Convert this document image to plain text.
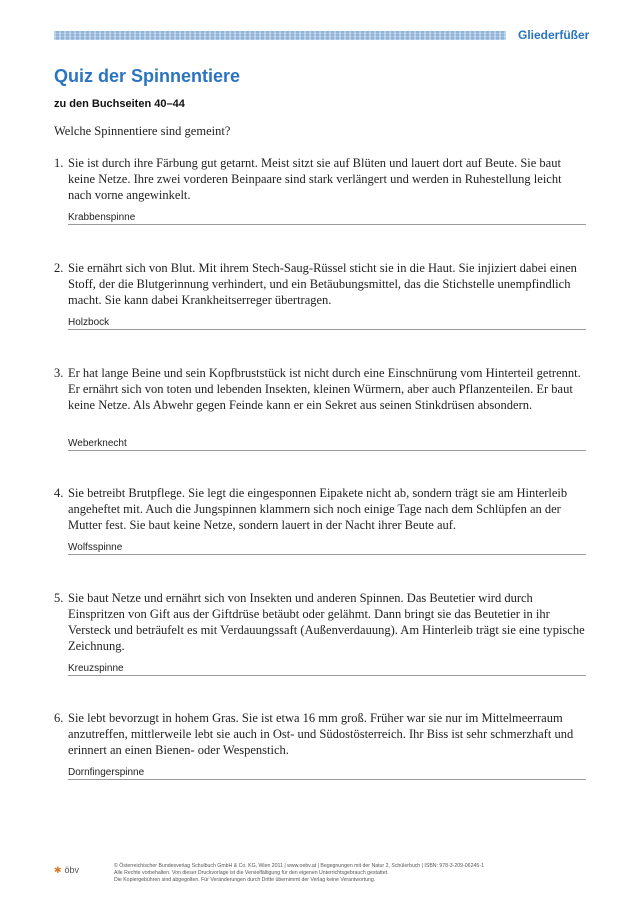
Gliederfüßer
Quiz der Spinnentiere
zu den Buchseiten 40–44
Welche Spinnentiere sind gemeint?
1. Sie ist durch ihre Färbung gut getarnt. Meist sitzt sie auf Blüten und lauert dort auf Beute. Sie baut keine Netze. Ihre zwei vorderen Beinpaare sind stark verlängert und werden in Ruhestellung leicht nach vorne angewinkelt.
Krabbenspinne
2. Sie ernährt sich von Blut. Mit ihrem Stech-Saug-Rüssel sticht sie in die Haut. Sie injiziert dabei einen Stoff, der die Blutgerinnung verhindert, und ein Betäubungsmittel, das die Stichstelle unempfindlich macht. Sie kann dabei Krankheitserreger übertragen.
Holzbock
3. Er hat lange Beine und sein Kopfbruststück ist nicht durch eine Einschnürung vom Hinterteil getrennt. Er ernährt sich von toten und lebenden Insekten, kleinen Würmern, aber auch Pflanzenteilen. Er baut keine Netze. Als Abwehr gegen Feinde kann er ein Sekret aus seinen Stinkdrüsen absondern.
Weberknecht
4. Sie betreibt Brutpflege. Sie legt die eingesponnen Eipakete nicht ab, sondern trägt sie am Hinterleib angeheftet mit. Auch die Jungspinnen klammern sich noch einige Tage nach dem Schlüpfen an der Mutter fest. Sie baut keine Netze, sondern lauert in der Nacht ihrer Beute auf.
Wolfsspinne
5. Sie baut Netze und ernährt sich von Insekten und anderen Spinnen. Das Beutetier wird durch Einspritzen von Gift aus der Giftdrüse betäubt oder gelähmt. Dann bringt sie das Beutetier in ihr Versteck und beträufelt es mit Verdauungssaft (Außenverdauung). Am Hinterleib trägt sie eine typische Zeichnung.
Kreuzspinne
6. Sie lebt bevorzugt in hohem Gras. Sie ist etwa 16 mm groß. Früher war sie nur im Mittelmeerraum anzutreffen, mittlerweile lebt sie auch in Ost- und Südostösterreich. Ihr Biss ist sehr schmerzhaft und erinnert an einen Bienen- oder Wespenstich.
Dornfingerspinne
✱ öbv	© Österreichischer Bundesverlag Schulbuch GmbH & Co. KG, Wien 2011 | www.oebv.at | Begegnungen mit der Natur 2, Schülerbuch | ISBN: 978-3-209-06245-1
Alle Rechte vorbehalten. Von dieser Druckvorlage ist die Vervielfältigung für den eigenen Unterrichtsgebrauch gestattet.
Die Kopiergebühren sind abgegolten. Für Veränderungen durch Dritte übernimmt der Verlag keine Verantwortung.
